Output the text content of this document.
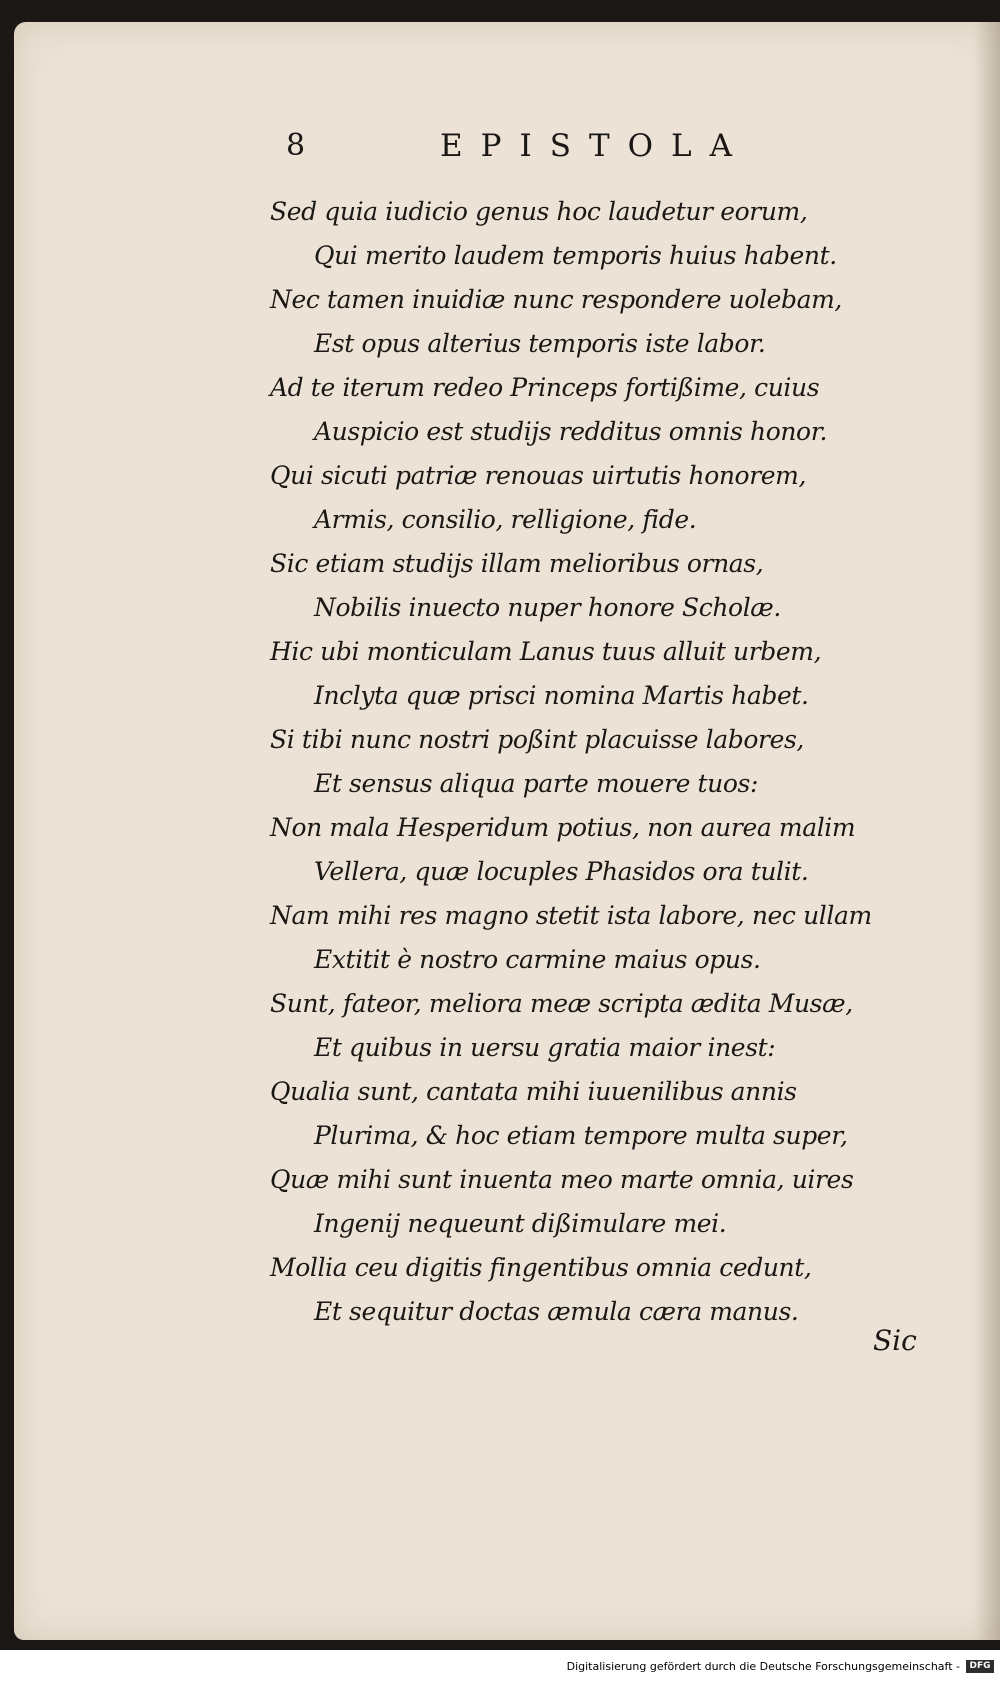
8	EPISTOLA
Sed quia iudicio genus hoc laudetur eorum,
Qui merito laudem temporis huius habent.
Nec tamen inuidiæ nunc respondere uolebam,
Est opus alterius temporis iste labor.
Ad te iterum redeo Princeps fortißime, cuius
Auspicio est studijs redditus omnis honor.
Qui sicuti patriæ renouas uirtutis honorem,
Armis, consilio, relligione, fide.
Sic etiam studijs illam melioribus ornas,
Nobilis inuecto nuper honore Scholæ.
Hic ubi monticulam Lanus tuus alluit urbem,
Inclyta quæ prisci nomina Martis habet.
Si tibi nunc nostri poßint placuisse labores,
Et sensus aliqua parte mouere tuos:
Non mala Hesperidum potius, non aurea malim
Vellera, quæ locuples Phasidos ora tulit.
Nam mihi res magno stetit ista labore, nec ullam
Extitit è nostro carmine maius opus.
Sunt, fateor, meliora meæ scripta ædita Musæ,
Et quibus in uersu gratia maior inest:
Qualia sunt, cantata mihi iuuenilibus annis
Plurima, & hoc etiam tempore multa super,
Quæ mihi sunt inuenta meo marte omnia, uires
Ingenij nequeunt dißimulare mei.
Mollia ceu digitis fingentibus omnia cedunt,
Et sequitur doctas æmula cæra manus.
Sic
Digitalisierung gefördert durch die Deutsche Forschungsgemeinschaft -	DFG
